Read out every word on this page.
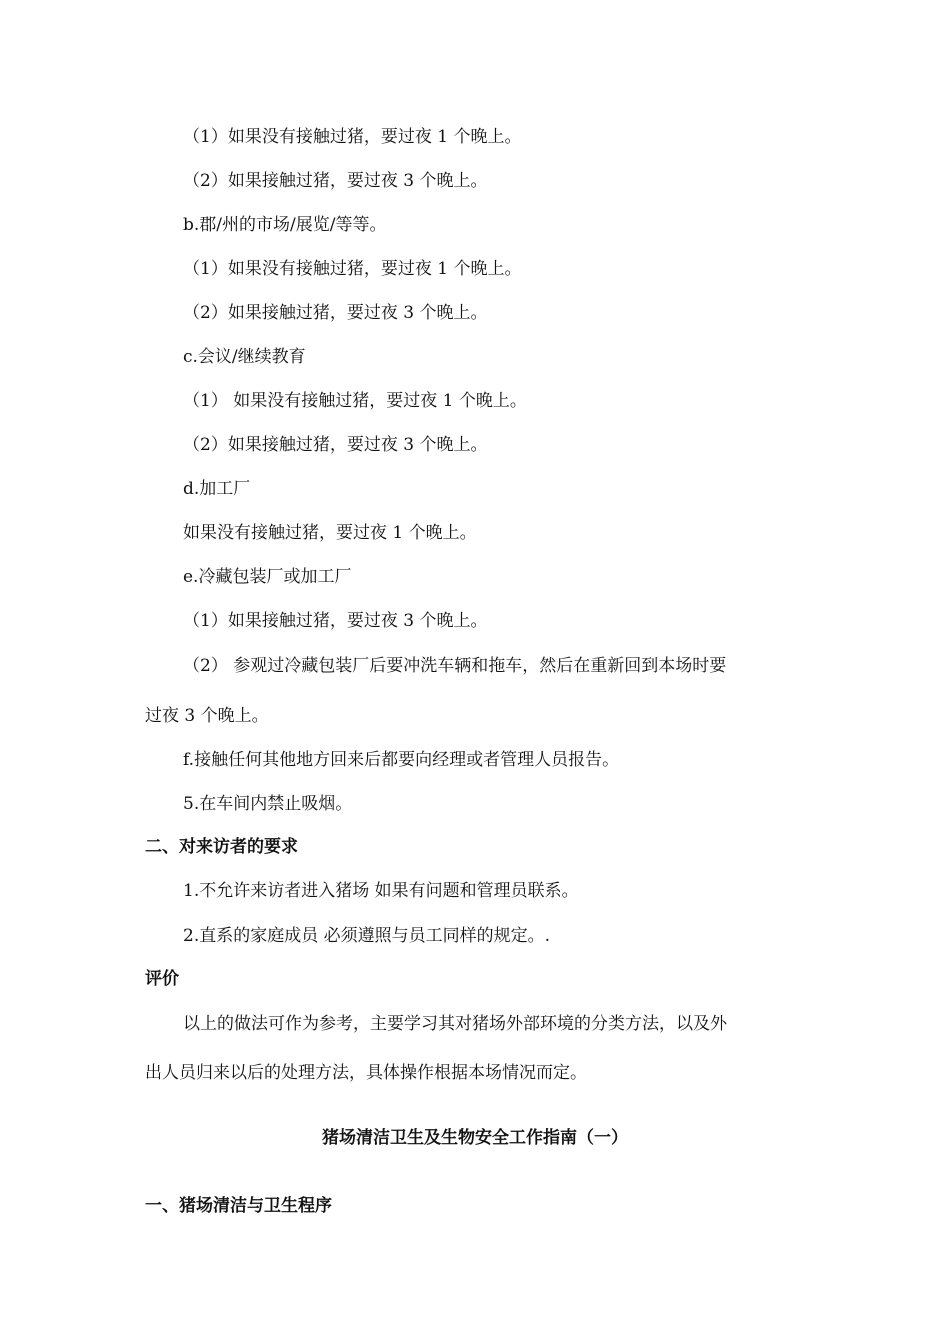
（1）如果没有接触过猪，要过夜 1 个晚上。
（2）如果接触过猪，要过夜 3 个晚上。
b.郡/州的市场/展览/等等。
（1）如果没有接触过猪，要过夜 1 个晚上。
（2）如果接触过猪，要过夜 3 个晚上。
c.会议/继续教育
（1） 如果没有接触过猪，要过夜 1 个晚上。
（2）如果接触过猪，要过夜 3 个晚上。
d.加工厂
如果没有接触过猪，要过夜 1 个晚上。
e.冷藏包装厂或加工厂
（1）如果接触过猪，要过夜 3 个晚上。
（2） 参观过冷藏包装厂后要冲洗车辆和拖车，然后在重新回到本场时要
过夜 3 个晚上。
f.接触任何其他地方回来后都要向经理或者管理人员报告。
5.在车间内禁止吸烟。
二、对来访者的要求
1.不允许来访者进入猪场 如果有问题和管理员联系。
2.直系的家庭成员 必须遵照与员工同样的规定。.
评价
以上的做法可作为参考，主要学习其对猪场外部环境的分类方法，以及外
出人员归来以后的处理方法，具体操作根据本场情况而定。
猪场清洁卫生及生物安全工作指南（一）
一、猪场清洁与卫生程序
